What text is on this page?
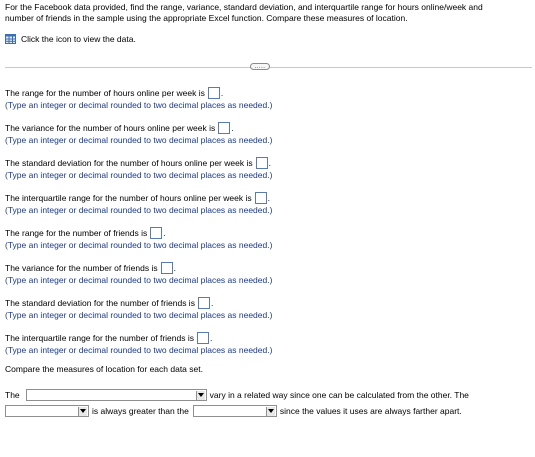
For the Facebook data provided, find the range, variance, standard deviation, and interquartile range for hours online/week and
number of friends in the sample using the appropriate Excel function. Compare these measures of location.
Click the icon to view the data.
.....
The range for the number of hours online per week is .
(Type an integer or decimal rounded to two decimal places as needed.)
The variance for the number of hours online per week is .
(Type an integer or decimal rounded to two decimal places as needed.)
The standard deviation for the number of hours online per week is .
(Type an integer or decimal rounded to two decimal places as needed.)
The interquartile range for the number of hours online per week is .
(Type an integer or decimal rounded to two decimal places as needed.)
The range for the number of friends is .
(Type an integer or decimal rounded to two decimal places as needed.)
The variance for the number of friends is .
(Type an integer or decimal rounded to two decimal places as needed.)
The standard deviation for the number of friends is .
(Type an integer or decimal rounded to two decimal places as needed.)
The interquartile range for the number of friends is .
(Type an integer or decimal rounded to two decimal places as needed.)
Compare the measures of location for each data set.
The	vary in a related way since one can be calculated from the other. The
is always greater than the	since the values it uses are always farther apart.
